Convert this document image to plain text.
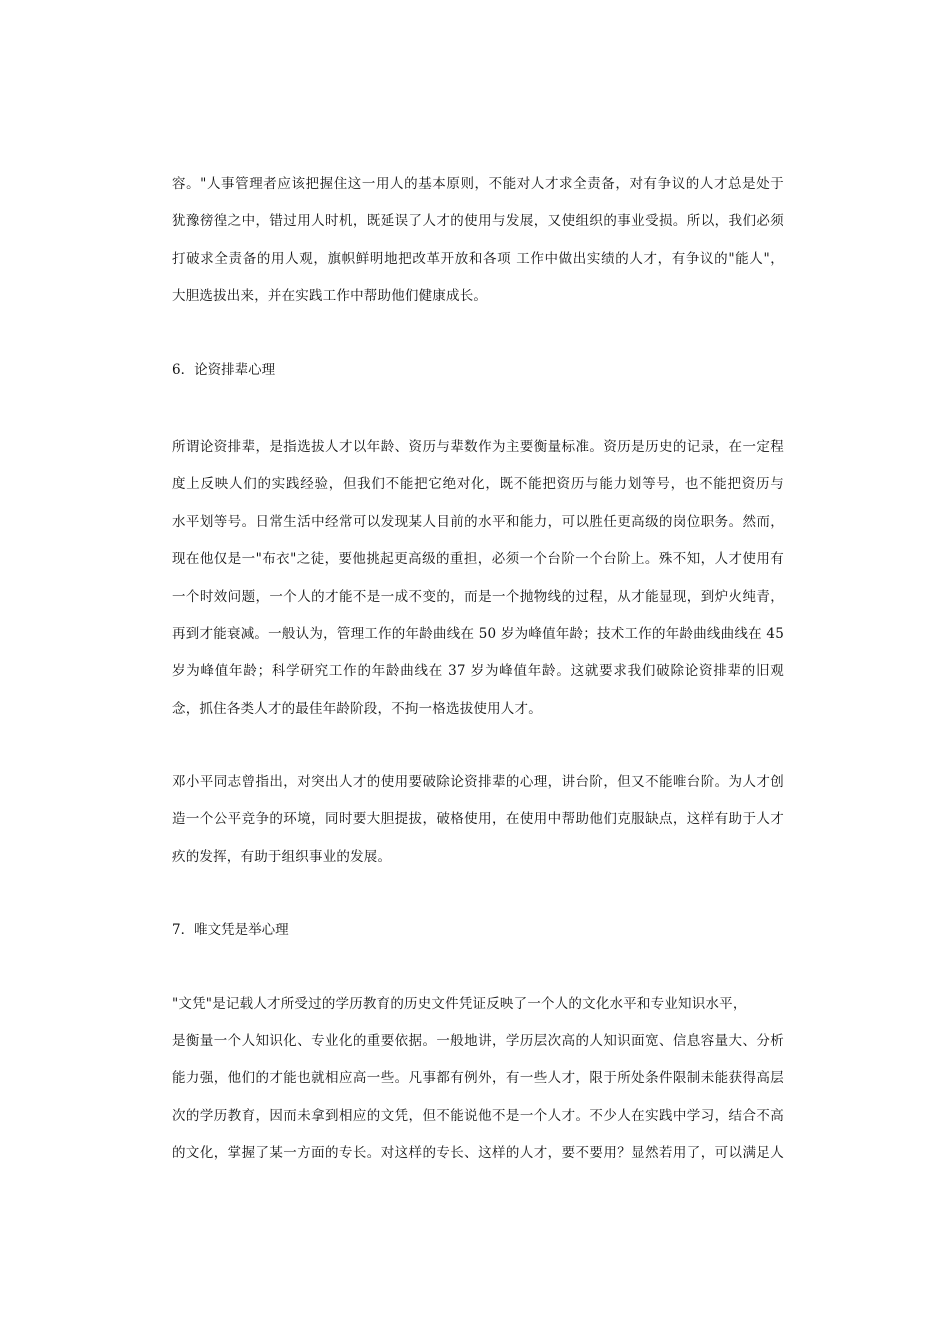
容。"人事管理者应该把握住这一用人的基本原则，不能对人才求全责备，对有争议的人才总是处于
犹豫徬徨之中，错过用人时机，既延误了人才的使用与发展，又使组织的事业受损。所以，我们必须
打破求全责备的用人观，旗帜鲜明地把改革开放和各项 工作中做出实绩的人才，有争议的"能人"，
大胆选拔出来，并在实践工作中帮助他们健康成长。
6．论资排辈心理
所谓论资排辈，是指选拔人才以年龄、资历与辈数作为主要衡量标准。资历是历史的记录，在一定程
度上反映人们的实践经验，但我们不能把它绝对化，既不能把资历与能力划等号，也不能把资历与
水平划等号。日常生活中经常可以发现某人目前的水平和能力，可以胜任更高级的岗位职务。然而，
现在他仅是一"布衣"之徒，要他挑起更高级的重担，必须一个台阶一个台阶上。殊不知，人才使用有
一个时效问题，一个人的才能不是一成不变的，而是一个抛物线的过程，从才能显现，到炉火纯青，
再到才能衰减。一般认为，管理工作的年龄曲线在 50 岁为峰值年龄；技术工作的年龄曲线曲线在 45
岁为峰值年龄；科学研究工作的年龄曲线在 37 岁为峰值年龄。这就要求我们破除论资排辈的旧观
念，抓住各类人才的最佳年龄阶段，不拘一格选拔使用人才。
邓小平同志曾指出，对突出人才的使用要破除论资排辈的心理，讲台阶，但又不能唯台阶。为人才创
造一个公平竞争的环境，同时要大胆提拔，破格使用，在使用中帮助他们克服缺点，这样有助于人才
疚的发挥，有助于组织事业的发展。
7．唯文凭是举心理
"文凭"是记载人才所受过的学历教育的历史文件凭证反映了一个人的文化水平和专业知识水平，
是衡量一个人知识化、专业化的重要依据。一般地讲，学历层次高的人知识面宽、信息容量大、分析
能力强，他们的才能也就相应高一些。凡事都有例外，有一些人才，限于所处条件限制未能获得高层
次的学历教育，因而未拿到相应的文凭，但不能说他不是一个人才。不少人在实践中学习，结合不高
的文化，掌握了某一方面的专长。对这样的专长、这样的人才，要不要用？显然若用了，可以满足人
